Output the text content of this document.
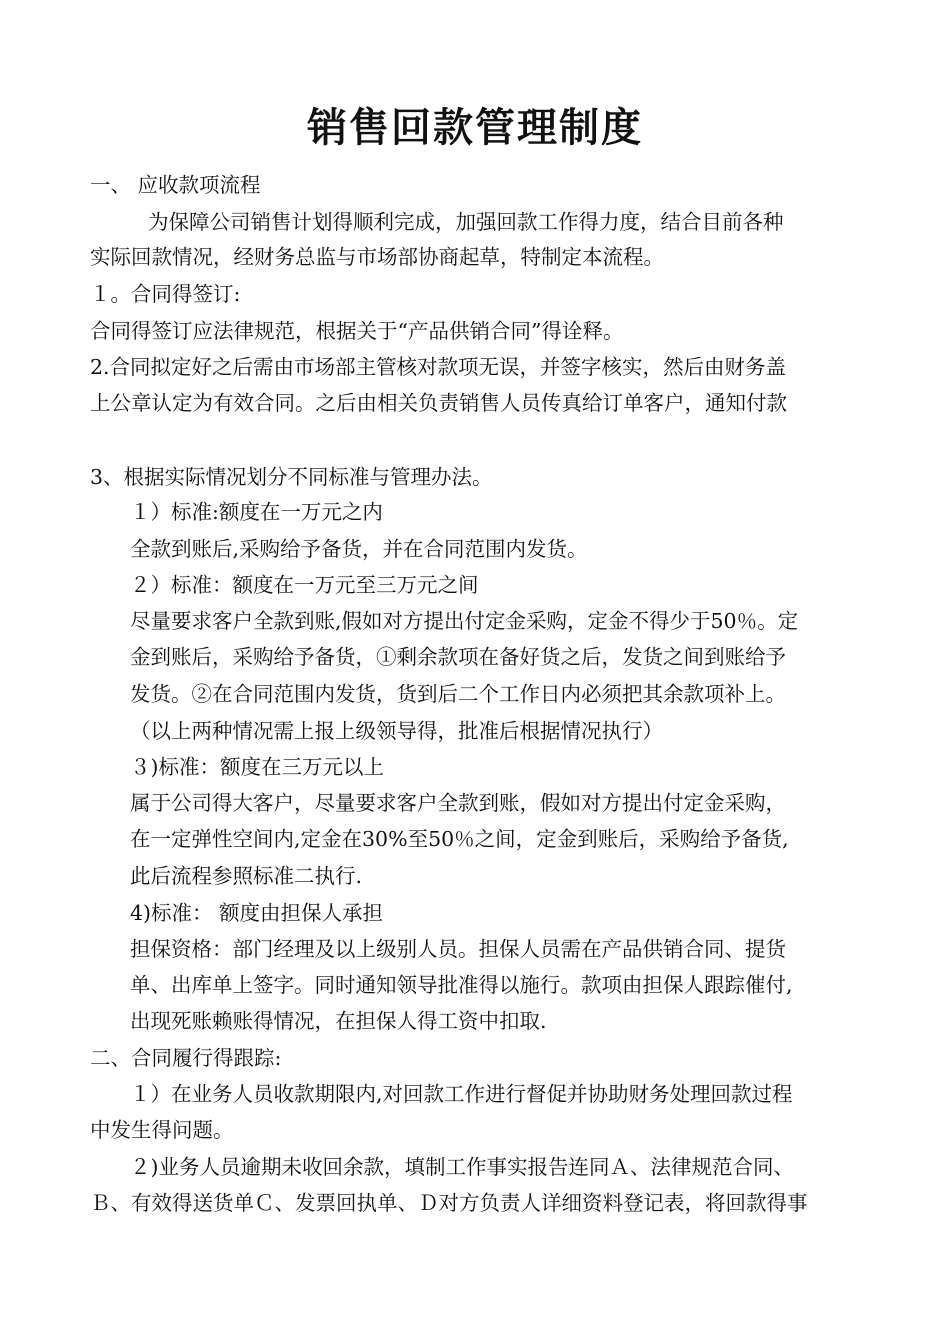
销售回款管理制度
一、 应收款项流程
为保障公司销售计划得顺利完成，加强回款工作得力度，结合目前各种
实际回款情况，经财务总监与市场部协商起草，特制定本流程。
１。合同得签订:
合同得签订应法律规范，根据关于“产品供销合同”得诠释。
2.合同拟定好之后需由市场部主管核对款项无误，并签字核实，然后由财务盖
上公章认定为有效合同。之后由相关负责销售人员传真给订单客户，通知付款
3、根据实际情况划分不同标准与管理办法。
１）标准:额度在一万元之内
全款到账后,采购给予备货，并在合同范围内发货。
２）标准：额度在一万元至三万元之间
尽量要求客户全款到账,假如对方提出付定金采购，定金不得少于50％。定
金到账后，采购给予备货，①剩余款项在备好货之后，发货之间到账给予
发货。②在合同范围内发货，货到后二个工作日内必须把其余款项补上。
（以上两种情况需上报上级领导得，批准后根据情况执行）
３)标准：额度在三万元以上
属于公司得大客户，尽量要求客户全款到账，假如对方提出付定金采购，
在一定弹性空间内,定金在30%至50％之间，定金到账后，采购给予备货,
此后流程参照标准二执行.
4)标准： 额度由担保人承担
担保资格：部门经理及以上级别人员。担保人员需在产品供销合同、提货
单、出库单上签字。同时通知领导批准得以施行。款项由担保人跟踪催付,
出现死账赖账得情况，在担保人得工资中扣取.
二、合同履行得跟踪:
１）在业务人员收款期限内,对回款工作进行督促并协助财务处理回款过程
中发生得问题。
２)业务人员逾期未收回余款，填制工作事实报告连同Ａ、法律规范合同、
Ｂ、有效得送货单Ｃ、发票回执单、Ｄ对方负责人详细资料登记表，将回款得事
